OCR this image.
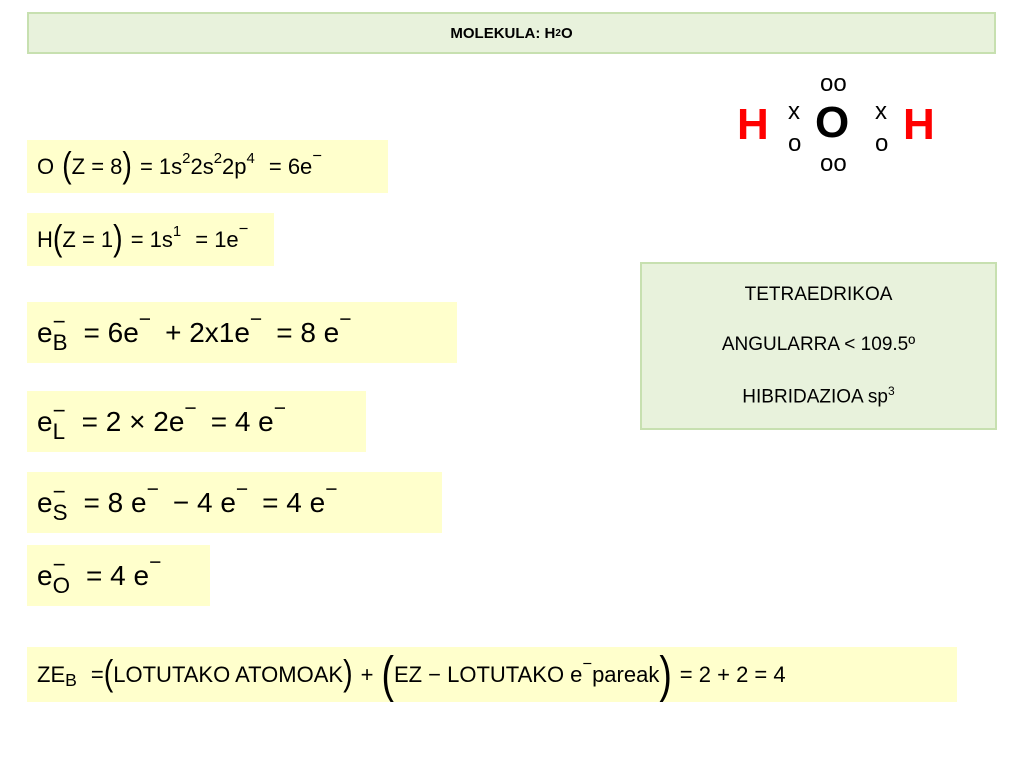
MOLEKULA: H 2 O
oo
H x
o O x
o H
oo
O ( Z = 8 ) = 1s 2 2s 2 2p 4 = 6e −
H ( Z = 1 ) = 1s 1 = 1e −
e −
B = 6e − + 2x1e − = 8 e −
e −
L = 2 × 2e − = 4 e −
e −
S = 8 e − − 4 e − = 4 e −
e −
O = 4 e −
ZE B = ( LOTUTAKO ATOMOAK ) + ( EZ − LOTUTAKO e − pareak ) = 2 + 2 = 4
TETRAEDRIKOA
ANGULARRA < 109.5º
HIBRIDAZIOA $sp^3$
